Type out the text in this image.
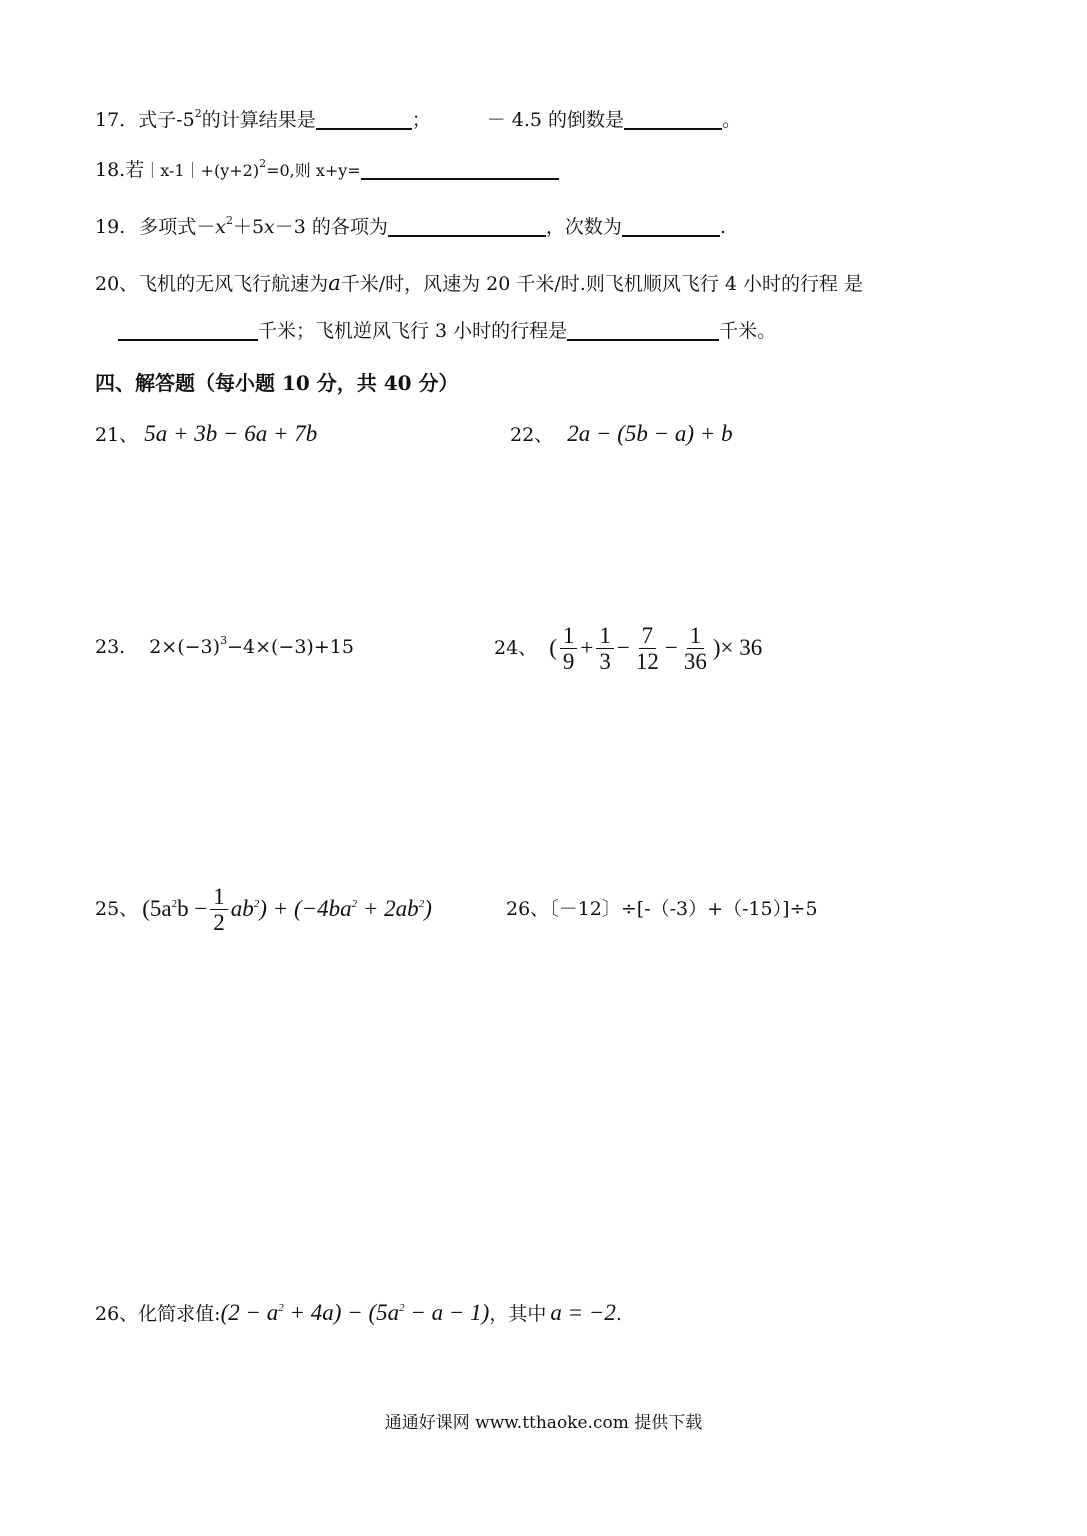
17．式子$-5^2$的计算结果是	；	－ 4.5 的倒数是	。
18.若$|x-1|+(y+2)^2=0$,则 x+y=
19. 多项式$-x^2+5x-3$ 的各项为	，次数为	.
20、飞机的无风飞行航速为a千米/时，风速为 20 千米/时.则飞机顺风飞行 4 小时的行程 是
千米；飞机逆风飞行 3 小时的行程是	千米。
四、解答题（每小题 10 分，共 40 分）
21、 5a + 3b − 6a + 7b	22、 2a − (5b − a) + b
23. $2\times(-3)^3-4\times(-3)+15$	24、 ( $\frac{1}{9} + \frac{1}{3} - \frac{7}{12} - \frac{1}{36}$ )× 36
25、 $(5a^2b - \frac{1}{2} ab^2) + (-4ba^2 + 2ab^2)$	26、〔－12〕÷[-（-3）+（-15）]÷5
26、化简求值:(2 − $a^2 + 4a) - (5a^2 - a - 1)$，其中 a = −2.
通通好课网 www.tthaoke.com 提供下载
